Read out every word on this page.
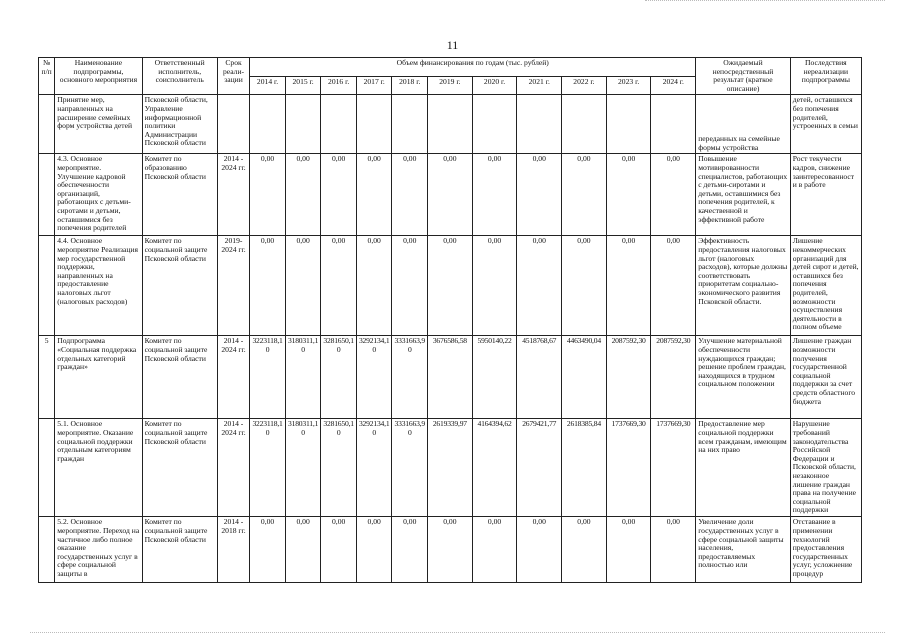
11
№ п/п	Наименование подпрограммы, основного мероприятия	Ответственный исполнитель, соисполнитель	Срок реали-зации	Объем финансирования по годам (тыс. рублей)											Ожидаемый непосредственный результат (краткое описание)	Последствия нереализации подпрограммы
				2014 г.	2015 г.	2016 г.	2017 г.	2018 г.	2019 г.	2020 г.	2021 г.	2022 г.	2023 г.	2024 г.		
	Принятие мер, направленных на расширение семейных форм устройства детей	Псковской области, Управление информационной политики Администрации Псковской области													переданных на семейные формы устройства	детей, оставшихся без попечения родителей, устроенных в семьи
	4.3. Основное мероприятие. Улучшение кадровой обеспеченности организаций, работающих с детьми-сиротами и детьми, оставшимися без попечения родителей	Комитет по образованию Псковской области	2014 - 2024 гг.	0,00	0,00	0,00	0,00	0,00	0,00	0,00	0,00	0,00	0,00	0,00	Повышение мотивированности специалистов, работающих с детьми-сиротами и детьми, оставшимися без попечения родителей, к качественной и эффективной работе	Рост текучести кадров, снижение заинтересованност и в работе
	4.4. Основное мероприятие Реализация мер государственной поддержки, направленных на предоставление налоговых льгот (налоговых расходов)	Комитет по социальной защите Псковской области	2019-2024 гг.	0,00	0,00	0,00	0,00	0,00	0,00	0,00	0,00	0,00	0,00	0,00	Эффективность предоставления налоговых льгот (налоговых расходов), которые должны соответствовать приоритетам социально-экономического развития Псковской области.	Лишение некоммерческих организаций для детей сирот и детей, оставшихся без попечения родителей, возможности осуществления деятельности в полном объеме
5	Подпрограмма «Социальная поддержка отдельных категорий граждан»	Комитет по социальной защите Псковской области	2014 - 2024 гг.	3223118,1 0	3180311,1 0	3281650,1 0	3292134,1 0	3331663,9 0	3676586,58	5950140,22	4518768,67	4463490,04	2087592,30	2087592,30	Улучшение материальной обеспеченности нуждающихся граждан; решение проблем граждан, находящихся в трудном социальном положении	Лишение граждан возможности получения государственной социальной поддержки за счет средств областного бюджета
	5.1. Основное мероприятие. Оказание социальной поддержки отдельным категориям граждан	Комитет по социальной защите Псковской области	2014 - 2024 гг.	3223118,1 0	3180311,1 0	3281650,1 0	3292134,1 0	3331663,9 0	2619339,97	4164394,62	2679421,77	2618385,84	1737669,30	1737669,30	Предоставление мер социальной поддержки всем гражданам, имеющим на них право	Нарушение требований законодательства Российской Федерации и Псковской области, незаконное лишение граждан права на получение социальной поддержки
	5.2. Основное мероприятие. Переход на частичное либо полное оказание государственных услуг в сфере социальной защиты в	Комитет по социальной защите Псковской области	2014 - 2018 гг.	0,00	0,00	0,00	0,00	0,00	0,00	0,00	0,00	0,00	0,00	0,00	Увеличение доли государственных услуг в сфере социальной защиты населения, предоставляемых полностью или	Отставание в применении технологий предоставления государственных услуг, усложнение процедур
